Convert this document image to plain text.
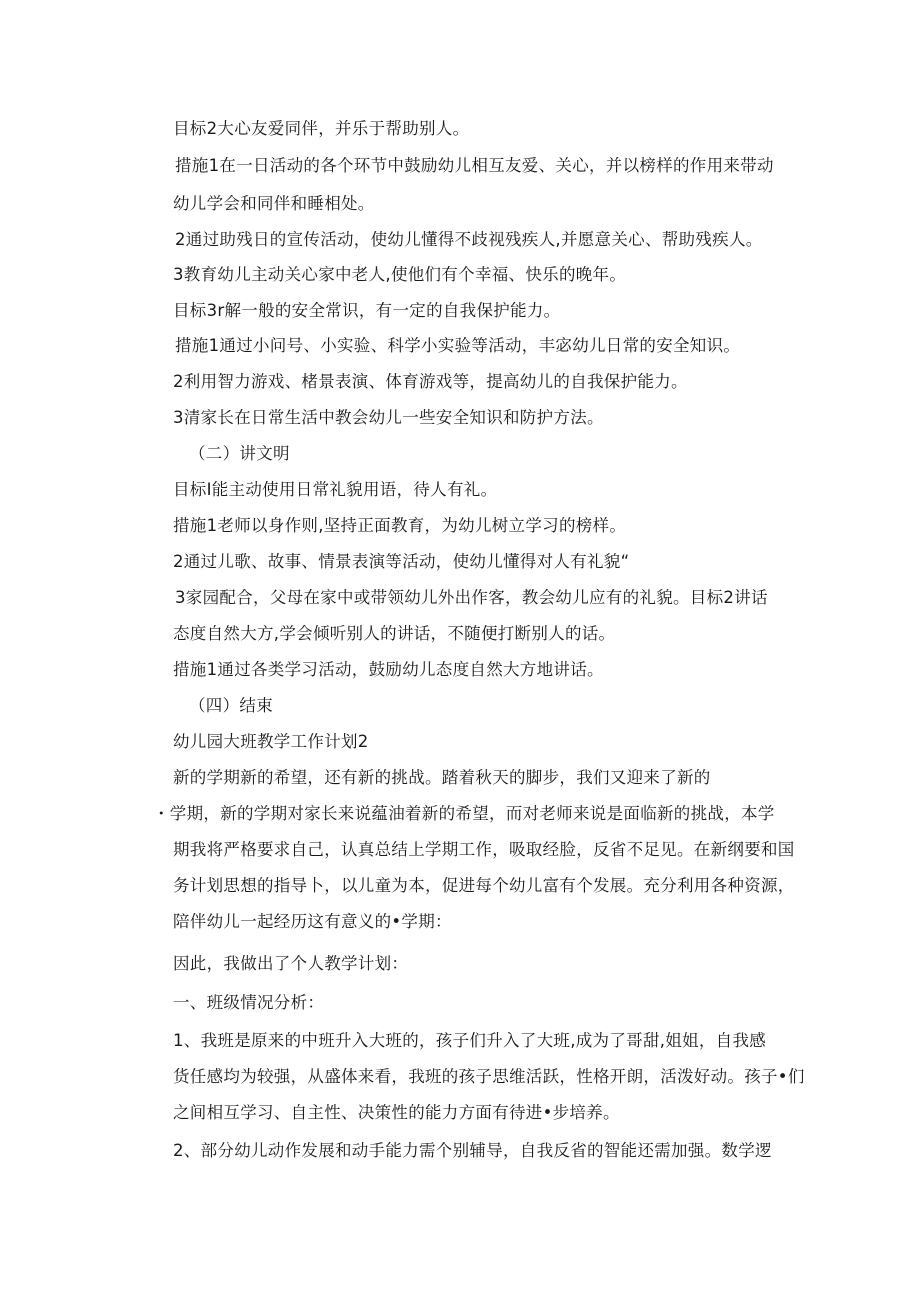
目标2大心友爱同伴，并乐于帮助别人。
措施1在一日活动的各个环节中鼓励幼儿相互友爱、关心，并以榜样的作用来带动
幼儿学会和同伴和睡相处。
2通过助残日的宣传活动，使幼儿懂得不歧视残疾人,并愿意关心、帮助残疾人。
3教育幼儿主动关心家中老人,使他们有个幸福、快乐的晚年。
目标3r解一般的安全常识，有一定的自我保护能力。
措施1通过小问号、小实验、科学小实验等活动，丰宓幼儿日常的安全知识。
2利用智力游戏、楮景表演、体育游戏等，提高幼儿的自我保护能力。
3清家长在日常生活中教会幼儿一些安全知识和防护方法。
（二）讲文明
目标I能主动使用日常礼貌用语，待人有礼。
措施1老师以身作则,坚持正面教育，为幼儿树立学习的榜样。
2通过儿歌、故事、情景表演等活动，使幼儿懂得对人有礼貌“
3家园配合，父母在家中或带领幼儿外出作客，教会幼儿应有的礼貌。目标2讲话
态度自然大方,学会倾听别人的讲话，不随便打断别人的话。
措施1通过各类学习活动，鼓励幼儿态度自然大方地讲话。
（四）结束
幼儿园大班教学工作计划2
新的学期新的希望，还有新的挑战。踏着秋天的脚步，我们又迎来了新的
・学期，新的学期对家长来说蕴油着新的希望，而对老师来说是面临新的挑战，本学
期我将严格要求自己，认真总结上学期工作，吸取经脸，反省不足见。在新纲要和国
务计划思想的指导卜，以儿童为本，促进每个幼儿富有个发展。充分利用各种资源，
陪伴幼儿一起经历这有意义的•学期：
因此，我做出了个人教学计划：
一、班级情况分析：
1、我班是原来的中班升入大班的，孩子们升入了大班,成为了哥甜,姐姐，自我感
货任感均为较强，从盛体来看，我班的孩子思维活跃，性格开朗，活泼好动。孩子•们
之间相互学习、自主性、决策性的能力方面有待进•步培养。
2、部分幼儿动作发展和动手能力需个别辅导，自我反省的智能还需加强。数学逻
